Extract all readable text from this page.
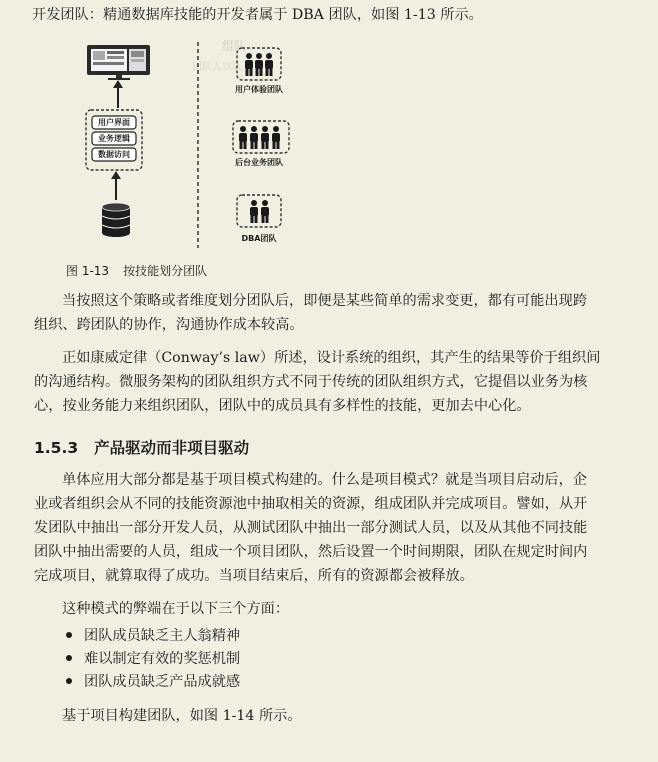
开发团队：精通数据库技能的开发者属于 DBA 团队，如图 1-13 所示。
组队
团队人以队
用户界面
业务逻辑
数据访问
用户体验团队
后台业务团队
DBA团队
图 1-13 按技能划分团队
当按照这个策略或者维度划分团队后，即便是某些简单的需求变更，都有可能出现跨
组织、跨团队的协作，沟通协作成本较高。
正如康威定律（Conway’s law）所述，设计系统的组织，其产生的结果等价于组织间
的沟通结构。微服务架构的团队组织方式不同于传统的团队组织方式，它提倡以业务为核
心，按业务能力来组织团队，团队中的成员具有多样性的技能，更加去中心化。
1.5.3 产品驱动而非项目驱动
单体应用大部分都是基于项目模式构建的。什么是项目模式？就是当项目启动后，企
业或者组织会从不同的技能资源池中抽取相关的资源，组成团队并完成项目。譬如，从开
发团队中抽出一部分开发人员，从测试团队中抽出一部分测试人员，以及从其他不同技能
团队中抽出需要的人员，组成一个项目团队，然后设置一个时间期限，团队在规定时间内
完成项目，就算取得了成功。当项目结束后，所有的资源都会被释放。
这种模式的弊端在于以下三个方面：
团队成员缺乏主人翁精神
难以制定有效的奖惩机制
团队成员缺乏产品成就感
基于项目构建团队，如图 1-14 所示。
